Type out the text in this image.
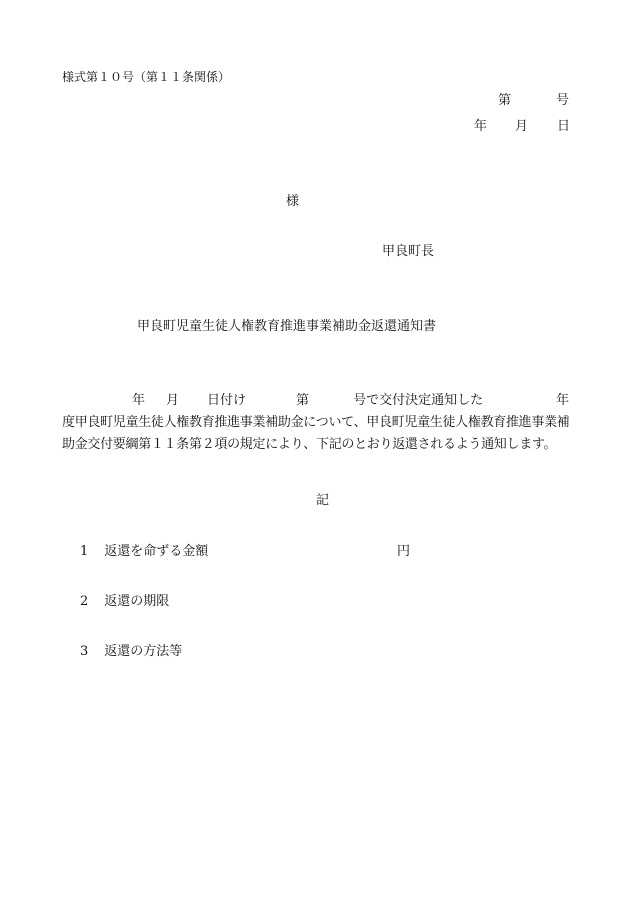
様式第１０号（第１１条関係）
第	号
年 月 日
様
甲良町長
甲良町児童生徒人権教育推進事業補助金返還通知書
年 月 日付け	第	号で交付決定通知した	年
度甲良町児童生徒人権教育推進事業補助金について、甲良町児童生徒人権教育推進事業補
助金交付要綱第１１条第２項の規定により、下記のとおり返還されるよう通知します。
記
1 返還を命ずる金額	円
2 返還の期限
3 返還の方法等
